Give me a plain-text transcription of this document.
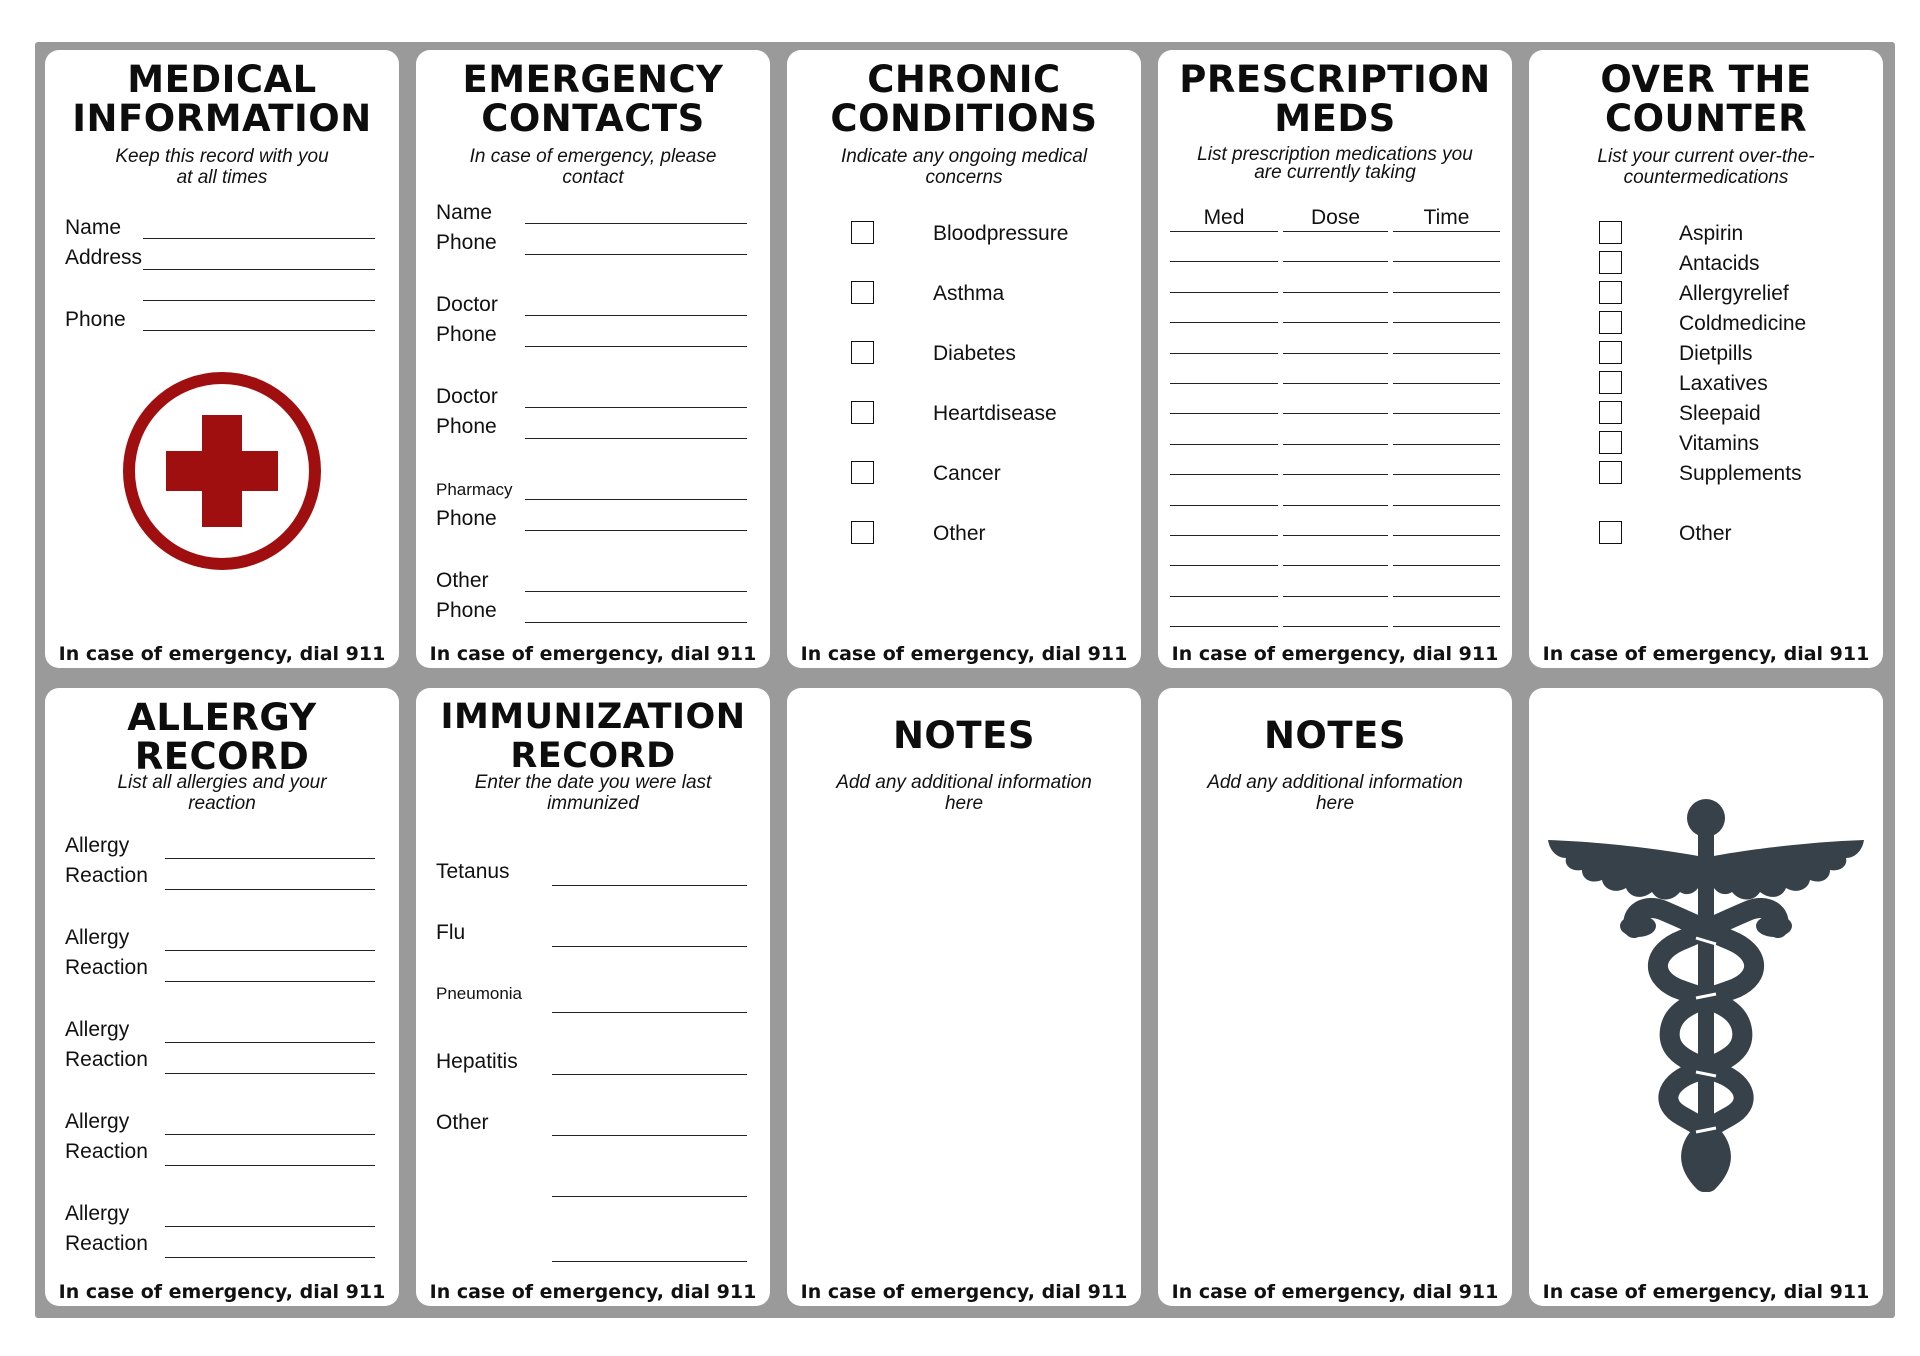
MEDICAL
INFORMATION
Keep this record with you
at all times
Name
Address
Phone
In case of emergency, dial 911
EMERGENCY
CONTACTS
In case of emergency, please
contact
Name
Phone
Doctor
Phone
Doctor
Phone
Pharmacy
Phone
Other
Phone
In case of emergency, dial 911
CHRONIC
CONDITIONS
Indicate any ongoing medical
concerns
Bloodpressure
Asthma
Diabetes
Heartdisease
Cancer
Other
In case of emergency, dial 911
PRESCRIPTION
MEDS
List prescription medications you
are currently taking
Med	Dose	Time
In case of emergency, dial 911
OVER THE
COUNTER
List your current over-the-
countermedications
Aspirin
Antacids
Allergyrelief
Coldmedicine
Dietpills
Laxatives
Sleepaid
Vitamins
Supplements
Other
In case of emergency, dial 911
ALLERGY
RECORD
List all allergies and your
reaction
Allergy
Reaction
Allergy
Reaction
Allergy
Reaction
Allergy
Reaction
Allergy
Reaction
In case of emergency, dial 911
IMMUNIZATION
RECORD
Enter the date you were last
immunized
Tetanus
Flu
Pneumonia
Hepatitis
Other
In case of emergency, dial 911
NOTES
Add any additional information
here
In case of emergency, dial 911
NOTES
Add any additional information
here
In case of emergency, dial 911	In case of emergency, dial 911
